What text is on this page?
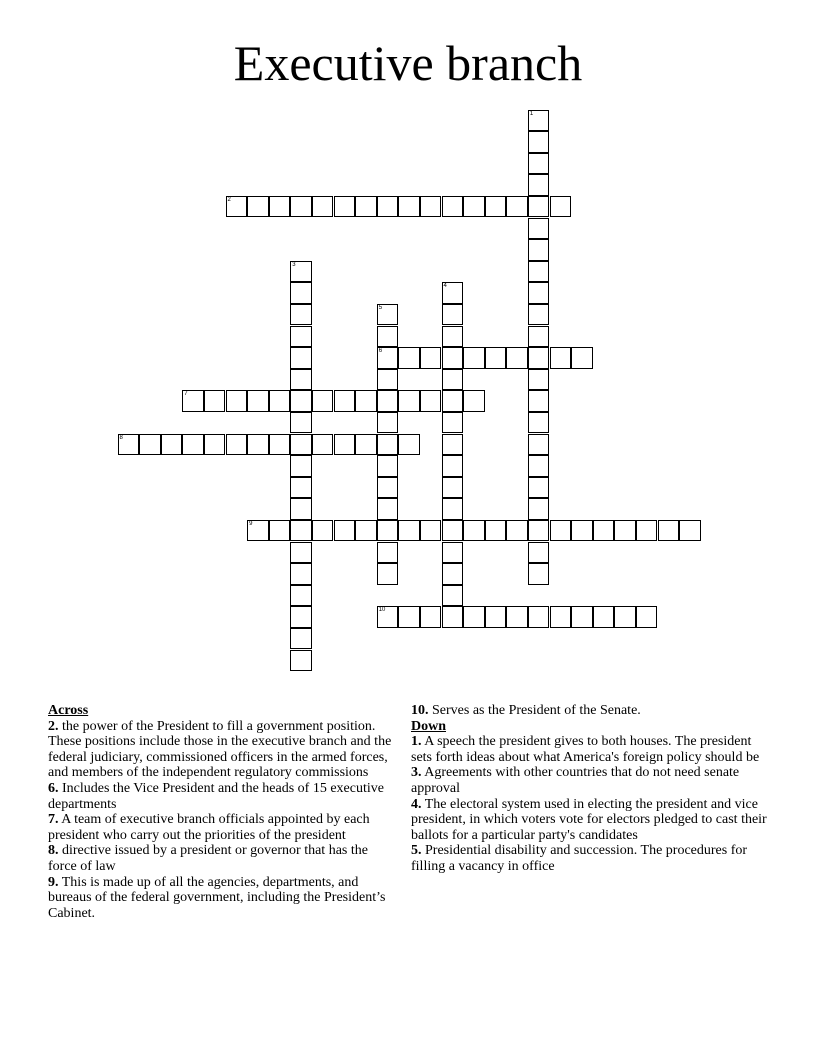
Executive branch
1
2
3
4
5
6
7
8
9
10
Across
2. the power of the President to fill a government position. These positions include those in the executive branch and the federal judiciary, commissioned officers in the armed forces, and members of the independent regulatory commissions
6. Includes the Vice President and the heads of 15 executive departments
7. A team of executive branch officials appointed by each president who carry out the priorities of the president
8. directive issued by a president or governor that has the force of law
9. This is made up of all the agencies, departments, and bureaus of the federal government, including the President’s Cabinet.
10. Serves as the President of the Senate.
Down
1. A speech the president gives to both houses. The president sets forth ideas about what America's foreign policy should be
3. Agreements with other countries that do not need senate approval
4. The electoral system used in electing the president and vice president, in which voters vote for electors pledged to cast their ballots for a particular party's candidates
5. Presidential disability and succession. The procedures for filling a vacancy in office
